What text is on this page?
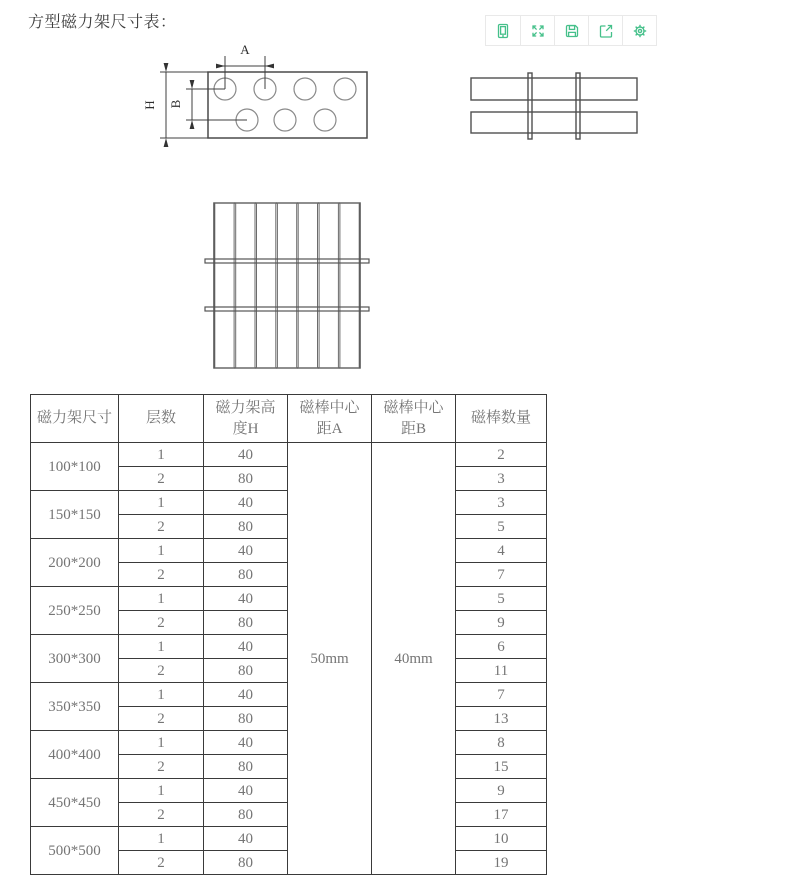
方型磁力架尺寸表：
A
H B
磁力架尺寸	层数	磁力架高度H	磁棒中心距A	磁棒中心距B	磁棒数量
100*100	1	40	50mm	40mm	2
	2	80			3
150*150	1	40			3
	2	80			5
200*200	1	40			4
	2	80			7
250*250	1	40			5
	2	80			9
300*300	1	40			6
	2	80			11
350*350	1	40			7
	2	80			13
400*400	1	40			8
	2	80			15
450*450	1	40			9
	2	80			17
500*500	1	40			10
	2	80			19
